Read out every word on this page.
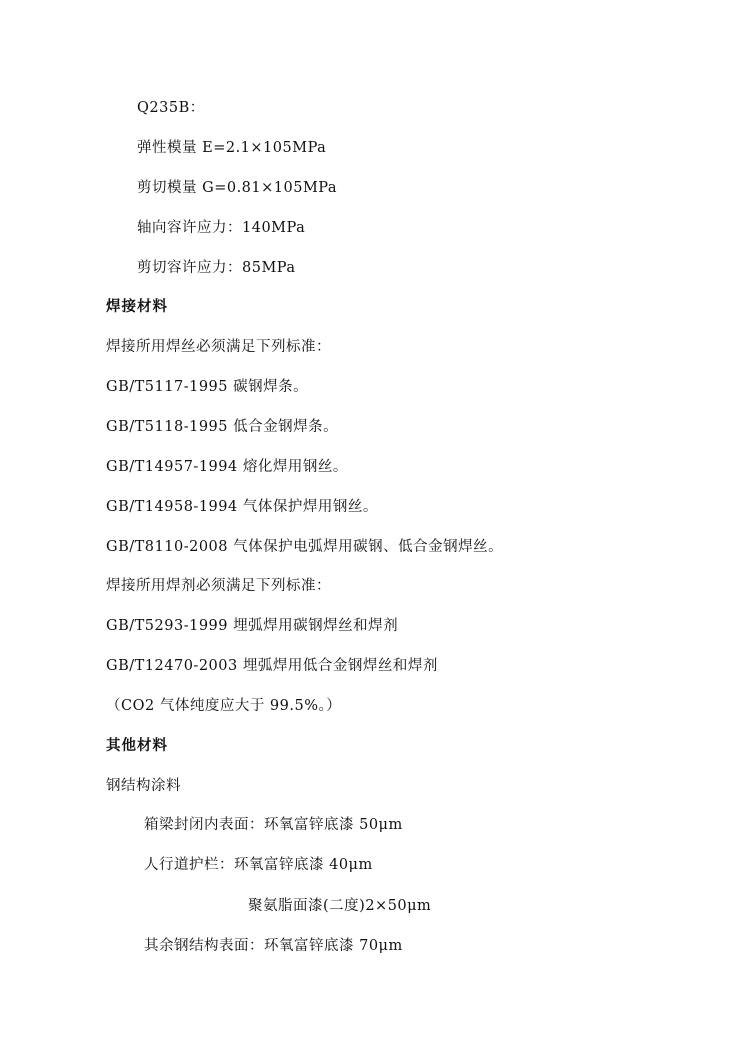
Q235B：
弹性模量 E=2.1×105MPa
剪切模量 G=0.81×105MPa
轴向容许应力：140MPa
剪切容许应力：85MPa
焊接材料
焊接所用焊丝必须满足下列标准：
GB/T5117-1995 碳钢焊条。
GB/T5118-1995 低合金钢焊条。
GB/T14957-1994 熔化焊用钢丝。
GB/T14958-1994 气体保护焊用钢丝。
GB/T8110-2008 气体保护电弧焊用碳钢、低合金钢焊丝。
焊接所用焊剂必须满足下列标准：
GB/T5293-1999 埋弧焊用碳钢焊丝和焊剂
GB/T12470-2003 埋弧焊用低合金钢焊丝和焊剂
（CO2 气体纯度应大于 99.5%。）
其他材料
钢结构涂料
箱梁封闭内表面：环氧富锌底漆 50μm
人行道护栏：环氧富锌底漆 40μm
聚氨脂面漆(二度)2×50μm
其余钢结构表面：环氧富锌底漆 70μm
